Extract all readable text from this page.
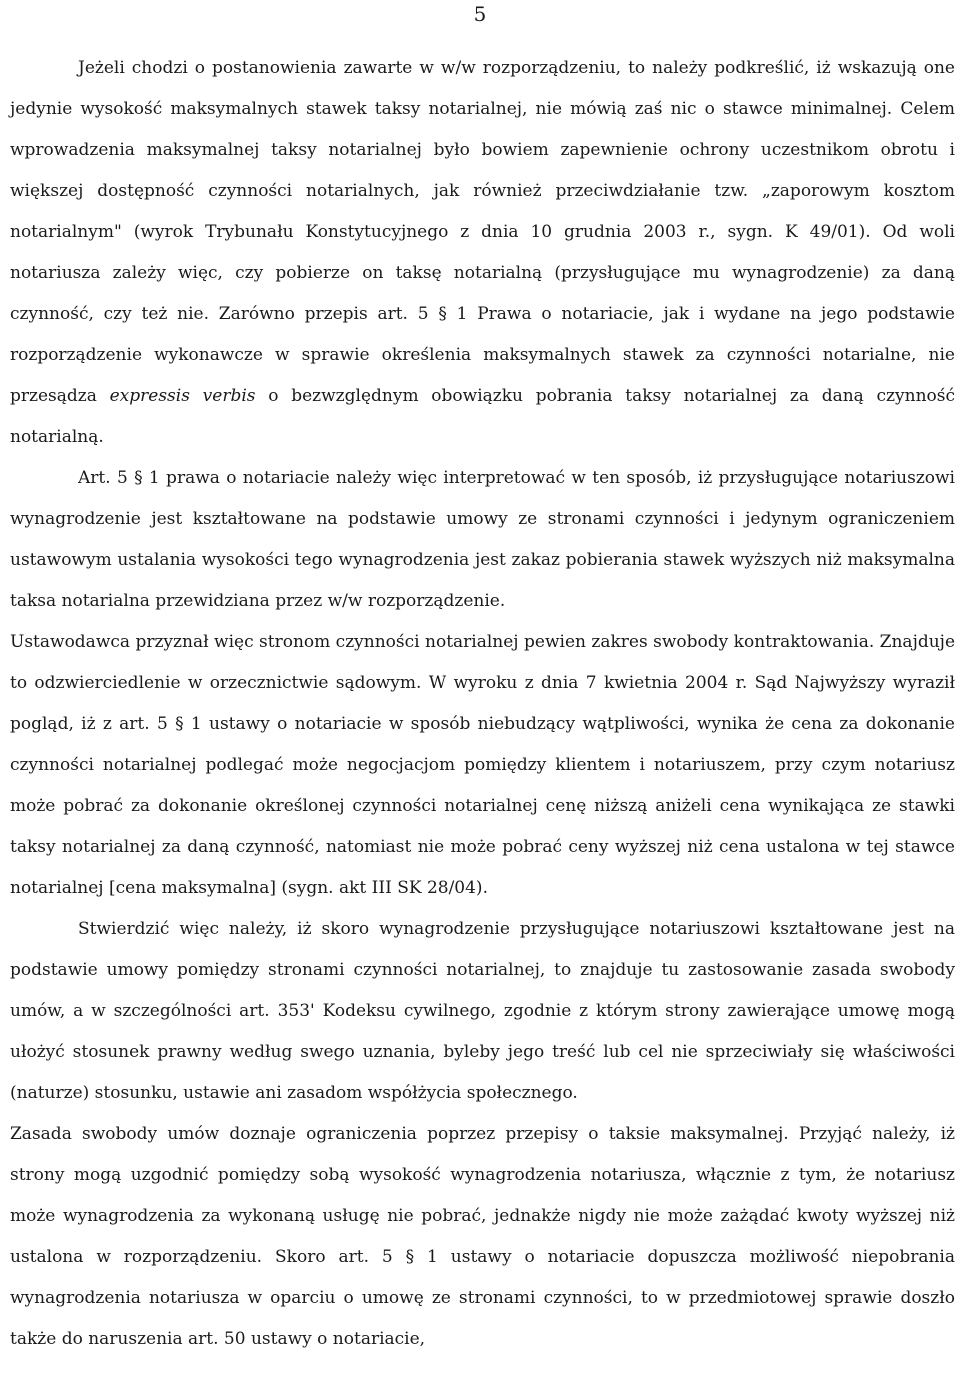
5

Jeżeli chodzi o postanowienia zawarte w w/w rozporządzeniu, to należy podkreślić, iż wskazują one jedynie wysokość maksymalnych stawek taksy notarialnej, nie mówią zaś nic o stawce minimalnej. Celem wprowadzenia maksymalnej taksy notarialnej było bowiem zapewnienie ochrony uczestnikom obrotu i większej dostępność czynności notarialnych, jak również przeciwdziałanie tzw. „zaporowym kosztom notarialnym" (wyrok Trybunału Konstytucyjnego z dnia 10 grudnia 2003 r., sygn. K 49/01). Od woli notariusza zależy więc, czy pobierze on taksę notarialną (przysługujące mu wynagrodzenie) za daną czynność, czy też nie. Zarówno przepis art. 5 § 1 Prawa o notariacie, jak i wydane na jego podstawie rozporządzenie wykonawcze w sprawie określenia maksymalnych stawek za czynności notarialne, nie przesądza expressis verbis o bezwzględnym obowiązku pobrania taksy notarialnej za daną czynność notarialną.

Art. 5 § 1 prawa o notariacie należy więc interpretować w ten sposób, iż przysługujące notariuszowi wynagrodzenie jest kształtowane na podstawie umowy ze stronami czynności i jedynym ograniczeniem ustawowym ustalania wysokości tego wynagrodzenia jest zakaz pobierania stawek wyższych niż maksymalna taksa notarialna przewidziana przez w/w rozporządzenie.

Ustawodawca przyznał więc stronom czynności notarialnej pewien zakres swobody kontraktowania. Znajduje to odzwierciedlenie w orzecznictwie sądowym. W wyroku z dnia 7 kwietnia 2004 r. Sąd Najwyższy wyraził pogląd, iż z art. 5 § 1 ustawy o notariacie w sposób niebudzący wątpliwości, wynika że cena za dokonanie czynności notarialnej podlegać może negocjacjom pomiędzy klientem i notariuszem, przy czym notariusz może pobrać za dokonanie określonej czynności notarialnej cenę niższą aniżeli cena wynikająca ze stawki taksy notarialnej za daną czynność, natomiast nie może pobrać ceny wyższej niż cena ustalona w tej stawce notarialnej [cena maksymalna] (sygn. akt III SK 28/04).

Stwierdzić więc należy, iż skoro wynagrodzenie przysługujące notariuszowi kształtowane jest na podstawie umowy pomiędzy stronami czynności notarialnej, to znajduje tu zastosowanie zasada swobody umów, a w szczególności art. 353' Kodeksu cywilnego, zgodnie z którym strony zawierające umowę mogą ułożyć stosunek prawny według swego uznania, byleby jego treść lub cel nie sprzeciwiały się właściwości (naturze) stosunku, ustawie ani zasadom współżycia społecznego.

Zasada swobody umów doznaje ograniczenia poprzez przepisy o taksie maksymalnej. Przyjąć należy, iż strony mogą uzgodnić pomiędzy sobą wysokość wynagrodzenia notariusza, włącznie z tym, że notariusz może wynagrodzenia za wykonaną usługę nie pobrać, jednakże nigdy nie może zażądać kwoty wyższej niż ustalona w rozporządzeniu. Skoro art. 5 § 1 ustawy o notariacie dopuszcza możliwość niepobrania wynagrodzenia notariusza w oparciu o umowę ze stronami czynności, to w przedmiotowej sprawie doszło także do naruszenia art. 50 ustawy o notariacie,
